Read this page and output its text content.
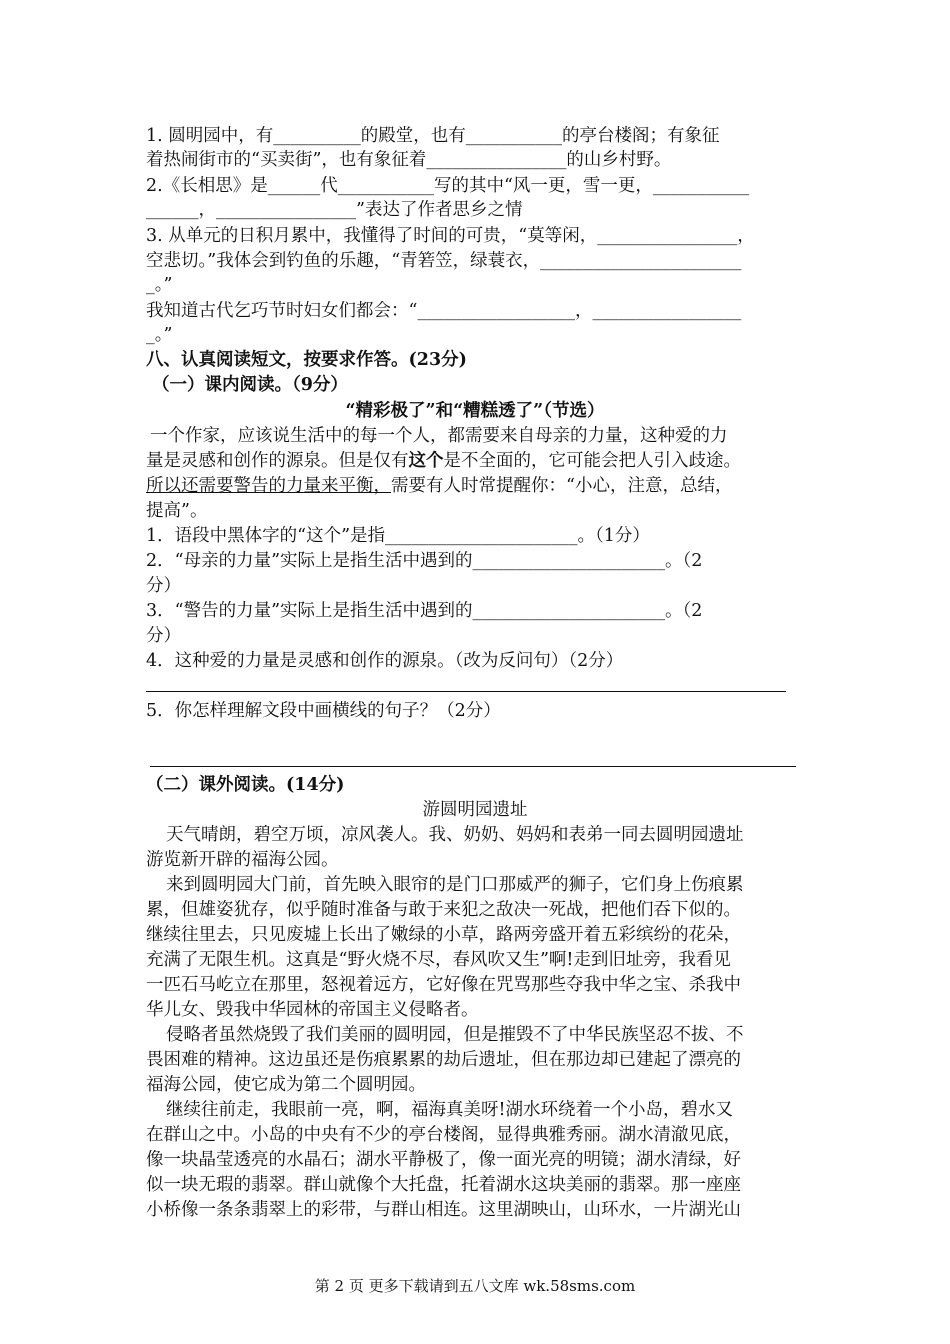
1. 圆明园中，有__________的殿堂，也有___________的亭台楼阁；有象征
着热闹街市的“买卖街”，也有象征着________________的山乡村野。
2.《长相思》是______代___________写的其中“风一更，雪一更，___________
______，________________”表达了作者思乡之情
3. 从单元的日积月累中，我懂得了时间的可贵，“莫等闲，________________，
空悲切。”我体会到钓鱼的乐趣，“青箬笠，绿蓑衣，_______________________
_。”
我知道古代乞巧节时妇女们都会：“__________________，_________________
_。”
八、认真阅读短文，按要求作答。(23分)
（一）课内阅读。（9分）
“精彩极了”和“糟糕透了”（节选）
一个作家，应该说生活中的每一个人，都需要来自母亲的力量，这种爱的力
量是灵感和创作的源泉。但是仅有这个是不全面的，它可能会把人引入歧途。
所以还需要警告的力量来平衡，需要有人时常提醒你：“小心，注意，总结，
提高”。
1．语段中黑体字的“这个”是指______________________。（1分）
2．“母亲的力量”实际上是指生活中遇到的______________________。（2
分）
3．“警告的力量”实际上是指生活中遇到的______________________。（2
分）
4．这种爱的力量是灵感和创作的源泉。（改为反问句）（2分）
5．你怎样理解文段中画横线的句子？（2分）
（二）课外阅读。(14分)
游圆明园遗址
天气晴朗，碧空万顷，凉风袭人。我、奶奶、妈妈和表弟一同去圆明园遗址
游览新开辟的福海公园。
来到圆明园大门前，首先映入眼帘的是门口那威严的狮子，它们身上伤痕累
累，但雄姿犹存，似乎随时准备与敢于来犯之敌决一死战，把他们吞下似的。
继续往里去，只见废墟上长出了嫩绿的小草，路两旁盛开着五彩缤纷的花朵，
充满了无限生机。这真是“野火烧不尽，春风吹又生”啊!走到旧址旁，我看见
一匹石马屹立在那里，怒视着远方，它好像在咒骂那些夺我中华之宝、杀我中
华儿女、毁我中华园林的帝国主义侵略者。
侵略者虽然烧毁了我们美丽的圆明园，但是摧毁不了中华民族坚忍不拔、不
畏困难的精神。这边虽还是伤痕累累的劫后遗址，但在那边却已建起了漂亮的
福海公园，使它成为第二个圆明园。
继续往前走，我眼前一亮，啊，福海真美呀!湖水环绕着一个小岛，碧水又
在群山之中。小岛的中央有不少的亭台楼阁，显得典雅秀丽。湖水清澈见底，
像一块晶莹透亮的水晶石；湖水平静极了，像一面光亮的明镜；湖水清绿，好
似一块无瑕的翡翠。群山就像个大托盘，托着湖水这块美丽的翡翠。那一座座
小桥像一条条翡翠上的彩带，与群山相连。这里湖映山，山环水，一片湖光山
第 2 页 更多下载请到五八文库 wk.58sms.com
